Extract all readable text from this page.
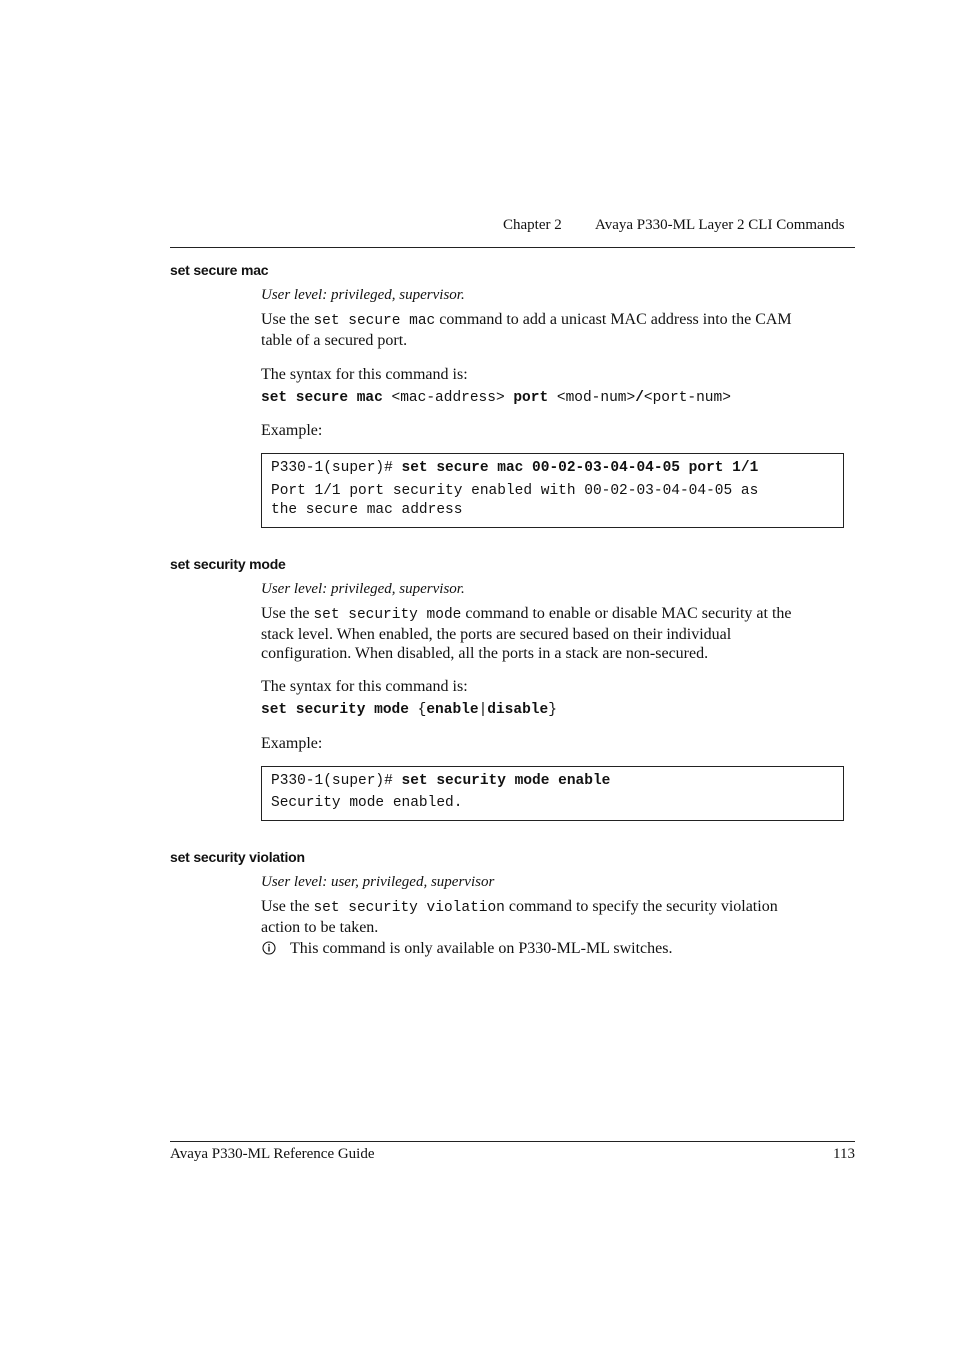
Chapter 2 Avaya P330-ML Layer 2 CLI Commands
set secure mac
User level: privileged, supervisor.

Use the set secure mac command to add a unicast MAC address into the CAM

table of a secured port.

The syntax for this command is:
set secure mac <mac-address> port <mod-num>/<port-num>
Example:
P330-1(super)# set secure mac 00-02-03-04-04-05 port 1/1
Port 1/1 port security enabled with 00-02-03-04-04-05 as
the secure mac address
set security mode
User level: privileged, supervisor.

Use the set security mode command to enable or disable MAC security at the

stack level. When enabled, the ports are secured based on their individual

configuration. When disabled, all the ports in a stack are non-secured.

The syntax for this command is:
set security mode {enable|disable}
Example:
P330-1(super)# set security mode enable
Security mode enabled.
set security violation
User level: user, privileged, supervisor

Use the set security violation command to specify the security violation

action to be taken.

This command is only available on P330-ML-ML switches.
Avaya P330-ML Reference Guide	113
